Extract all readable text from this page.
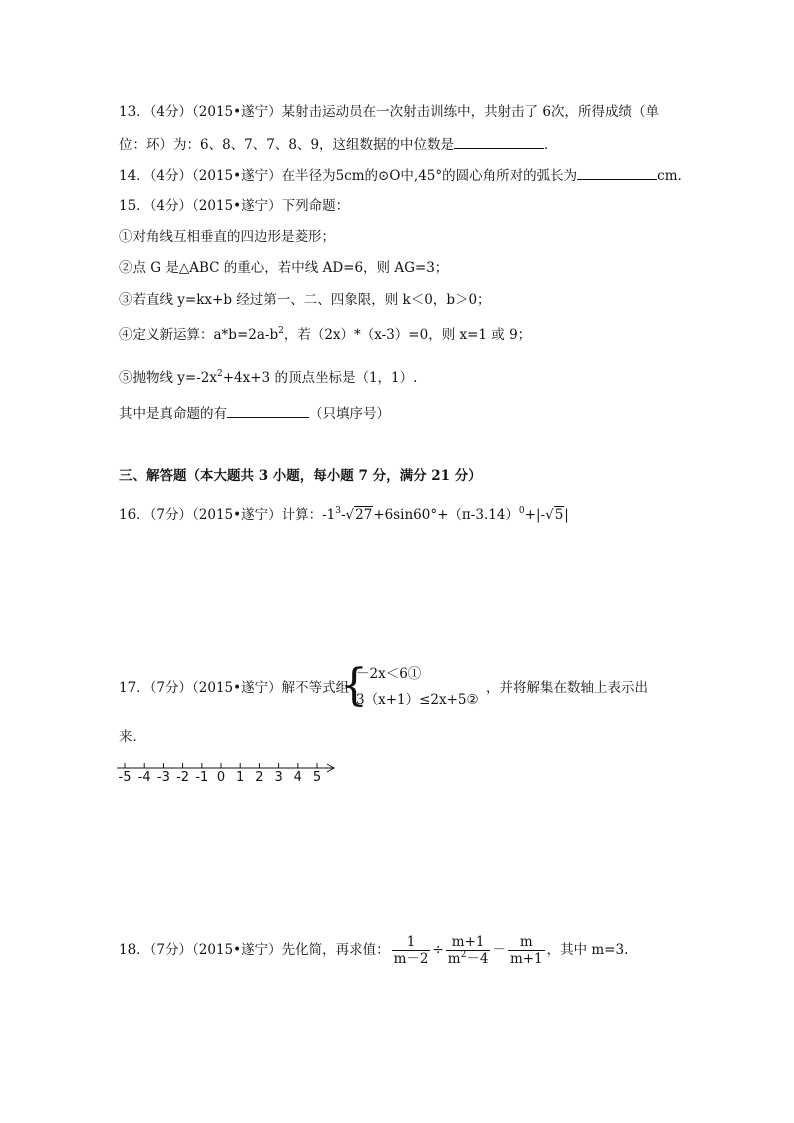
13．（4分）（2015•遂宁）某射击运动员在一次射击训练中，共射击了 6次，所得成绩（单
位：环）为：6、8、7、7、8、9，这组数据的中位数是	．
14．（4分）（2015•遂宁）在半径为5cm的⊙O中,45°的圆心角所对的弧长为	cm.
15．（4分）（2015•遂宁）下列命题：
①对角线互相垂直的四边形是菱形；
②点 G 是△ABC 的重心，若中线 AD=6，则 AG=3；
③若直线 y=kx+b 经过第一、二、四象限，则 k＜0，b＞0；
④定义新运算：$a*b=2a-b^2$，若（2x）*（x-3）=0，则 x=1 或 9；
⑤抛物线 $y=-2x^2+4x+3$ 的顶点坐标是（1，1）.
其中是真命题的有	（只填序号）
三、解答题（本大题共 3 小题，每小题 7 分，满分 21 分）
16．（7分）（2015•遂宁）计算：$-1^3-√27+6\sin 60^\circ+(\pi-3.14)^0+|-√5|$
17．（7分）（2015•遂宁）解不等式组
{
－2x＜6①
3（x+1）≤2x+5②
，并将解集在数轴上表示出
来．
-5 -4 -3 -2 -1 0 1 2 3 4 5
18．（7分）（2015•遂宁）先化简，再求值： $\frac{1}{m-2} \div \frac{m+1}{m^2-4} - \frac{m}{m+1}$ ，其中 m=3.
